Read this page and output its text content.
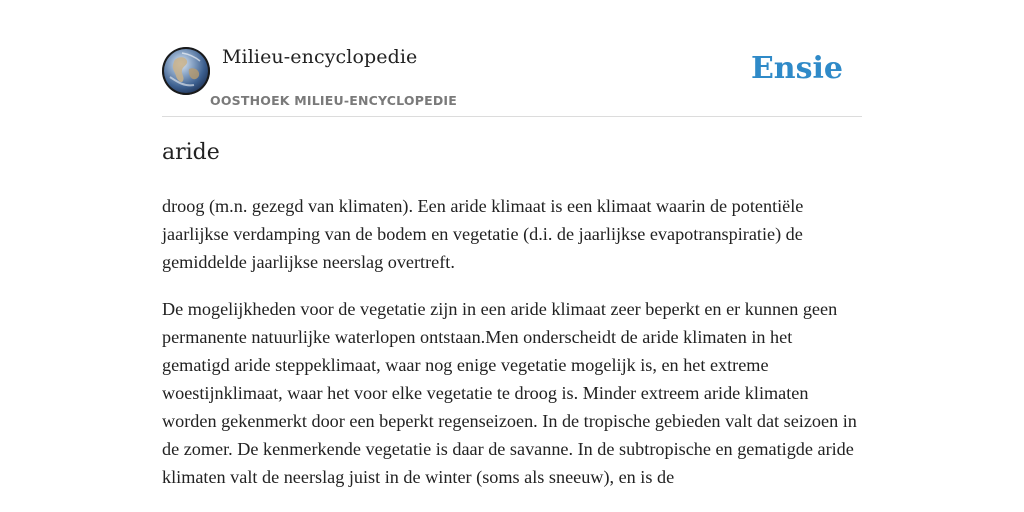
Milieu-encyclopedie
OOSTHOEK MILIEU-ENCYCLOPEDIE
Ensie
aride

droog (m.n. gezegd van klimaten). Een aride klimaat is een klimaat waarin de potentiële jaarlijkse verdamping van de bodem en vegetatie (d.i. de jaarlijkse evapotranspiratie) de gemiddelde jaarlijkse neerslag overtreft.

De mogelijkheden voor de vegetatie zijn in een aride klimaat zeer beperkt en er kunnen geen permanente natuurlijke waterlopen ontstaan.Men onderscheidt de aride klimaten in het gematigd aride steppeklimaat, waar nog enige vegetatie mogelijk is, en het extreme woestijnklimaat, waar het voor elke vegetatie te droog is. Minder extreem aride klimaten worden gekenmerkt door een beperkt regenseizoen. In de tropische gebieden valt dat seizoen in de zomer. De kenmerkende vegetatie is daar de savanne. In de subtropische en gematigde aride klimaten valt de neerslag juist in de winter (soms als sneeuw), en is de
